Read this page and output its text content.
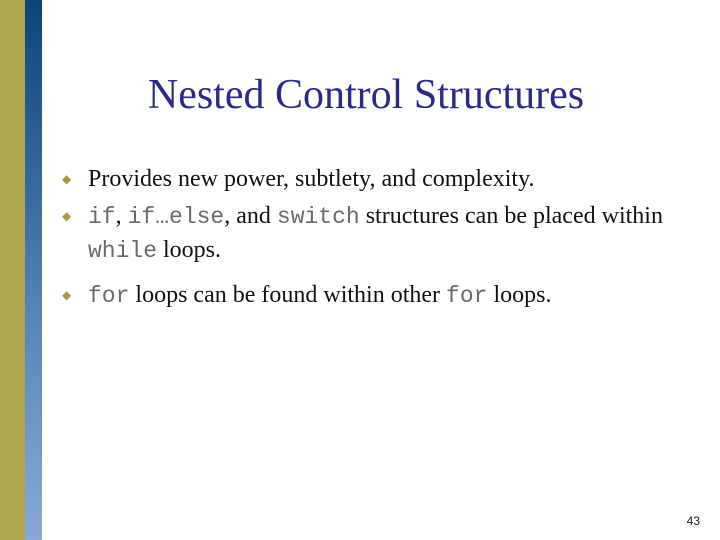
Nested Control Structures
◆ Provides new power, subtlety, and complexity.
◆ if, if…else, and switch structures can be placed within while loops.
◆ for loops can be found within other for loops.
43
